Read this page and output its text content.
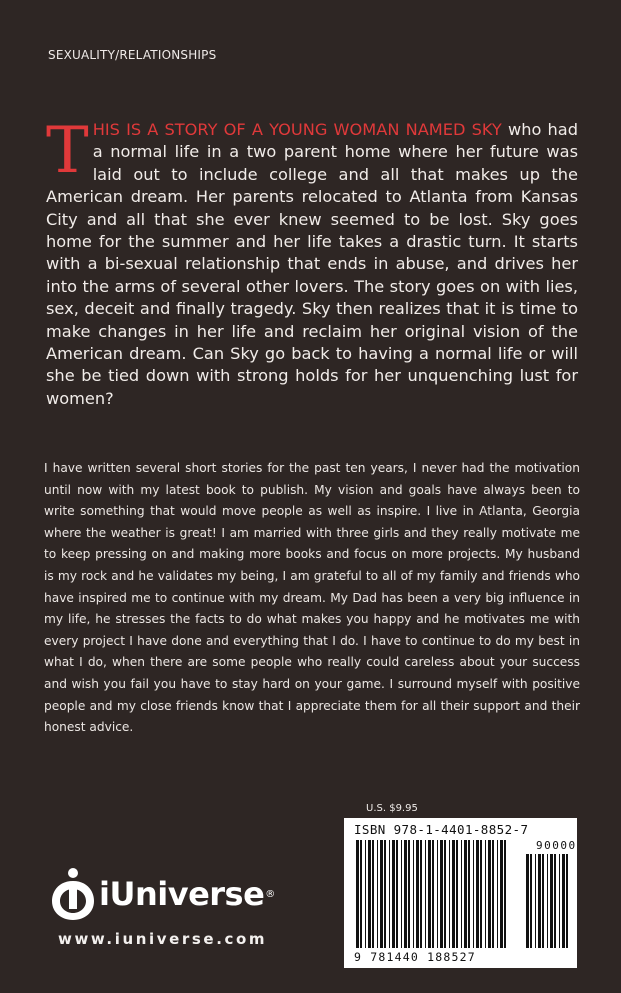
SEXUALITY/RELATIONSHIPS
THIS IS A STORY OF A YOUNG WOMAN NAMED SKY who had a normal life in a two parent home where her future was laid out to include college and all that makes up the American dream. Her parents relocated to Atlanta from Kansas City and all that she ever knew seemed to be lost. Sky goes home for the summer and her life takes a drastic turn. It starts with a bi-sexual relationship that ends in abuse, and drives her into the arms of several other lovers. The story goes on with lies, sex, deceit and finally tragedy. Sky then realizes that it is time to make changes in her life and reclaim her original vision of the American dream. Can Sky go back to having a normal life or will she be tied down with strong holds for her unquenching lust for women?
I have written several short stories for the past ten years, I never had the motivation until now with my latest book to publish. My vision and goals have always been to write something that would move people as well as inspire. I live in Atlanta, Georgia where the weather is great! I am married with three girls and they really motivate me to keep pressing on and making more books and focus on more projects. My husband is my rock and he validates my being, I am grateful to all of my family and friends who have inspired me to continue with my dream. My Dad has been a very big influence in my life, he stresses the facts to do what makes you happy and he motivates me with every project I have done and everything that I do. I have to continue to do my best in what I do, when there are some people who really could careless about your success and wish you fail you have to stay hard on your game. I surround myself with positive people and my close friends know that I appreciate them for all their support and their honest advice.
iUniverse ®
www.iuniverse.com
U.S. $9.95
ISBN 978-1-4401-8852-7
90000
9 781440 188527
